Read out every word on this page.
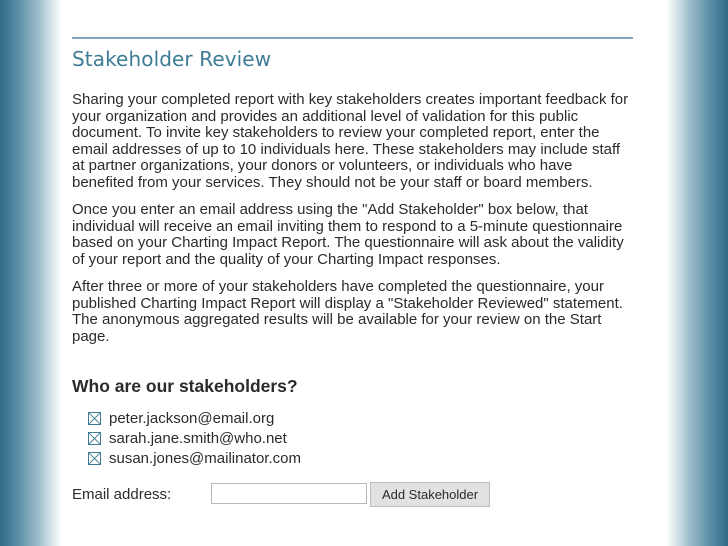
Stakeholder Review

Sharing your completed report with key stakeholders creates important feedback for your organization and provides an additional level of validation for this public document. To invite key stakeholders to review your completed report, enter the email addresses of up to 10 individuals here. These stakeholders may include staff at partner organizations, your donors or volunteers, or individuals who have benefited from your services. They should not be your staff or board members.

Once you enter an email address using the "Add Stakeholder" box below, that individual will receive an email inviting them to respond to a 5-minute questionnaire based on your Charting Impact Report. The questionnaire will ask about the validity of your report and the quality of your Charting Impact responses.

After three or more of your stakeholders have completed the questionnaire, your published Charting Impact Report will display a "Stakeholder Reviewed" statement. The anonymous aggregated results will be available for your review on the Start page.

Who are our stakeholders?
peter.jackson@email.org
sarah.jane.smith@who.net
susan.jones@mailinator.com
Email address:	Add Stakeholder
